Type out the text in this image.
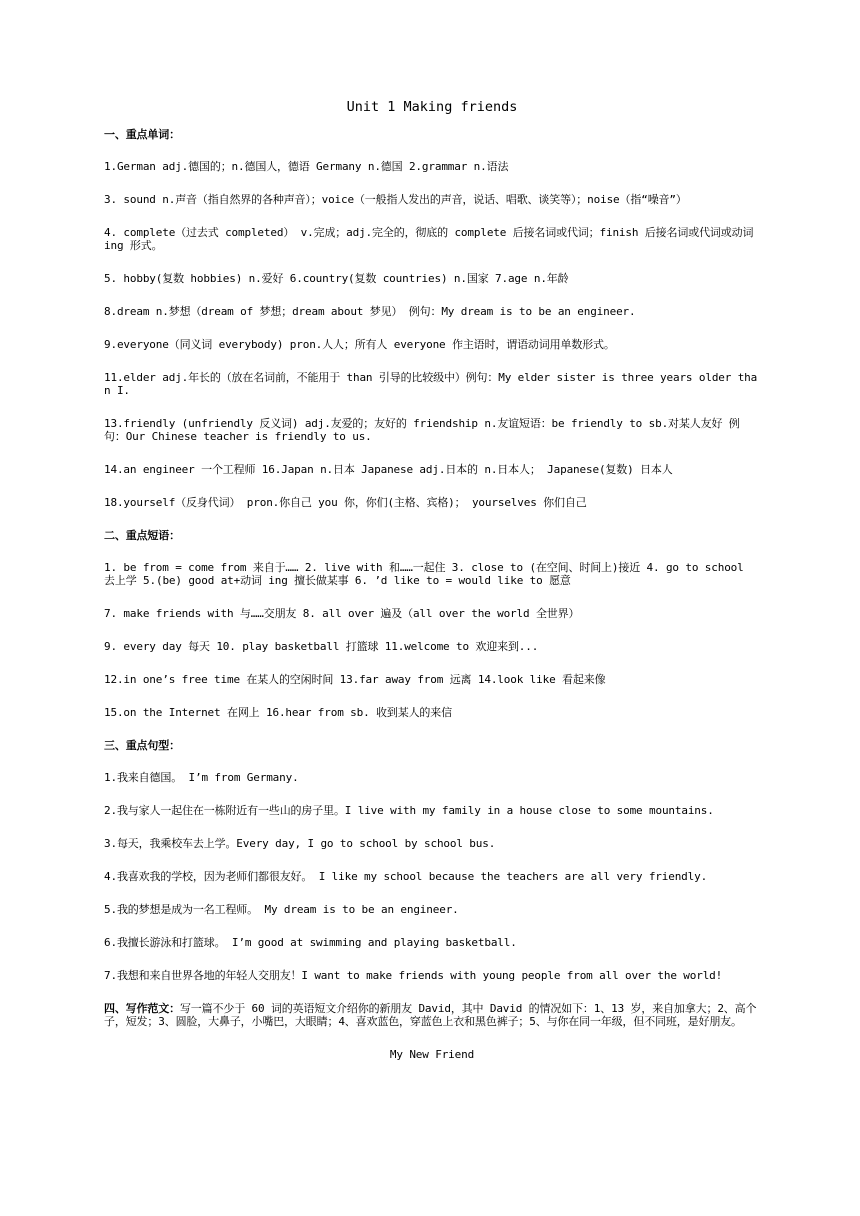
Unit 1 Making friends
一、重点单词：
1.German adj.德国的；n.德国人，德语 Germany n.德国 2.grammar n.语法
3. sound n.声音（指自然界的各种声音）；voice（一般指人发出的声音，说话、唱歌、谈笑等）；noise（指“噪音”）
4. complete（过去式 completed） v.完成；adj.完全的，彻底的 complete 后接名词或代词；finish 后接名词或代词或动词 ing 形式。
5. hobby(复数 hobbies) n.爱好 6.country(复数 countries) n.国家 7.age n.年龄
8.dream n.梦想（dream of 梦想；dream about 梦见） 例句：My dream is to be an engineer.
9.everyone（同义词 everybody) pron.人人；所有人 everyone 作主语时，谓语动词用单数形式。
11.elder adj.年长的（放在名词前，不能用于 than 引导的比较级中）例句：My elder sister is three years older than I.
13.friendly (unfriendly 反义词) adj.友爱的；友好的 friendship n.友谊短语：be friendly to sb.对某人友好 例句：Our Chinese teacher is friendly to us.
14.an engineer 一个工程师 16.Japan n.日本 Japanese adj.日本的 n.日本人； Japanese(复数) 日本人
18.yourself（反身代词） pron.你自己 you 你，你们(主格、宾格)； yourselves 你们自己
二、重点短语：
1. be from = come from 来自于…… 2. live with 和……一起住 3. close to (在空间、时间上)接近 4. go to school 去上学 5.(be) good at+动词 ing 擅长做某事 6. ’d like to = would like to 愿意
7. make friends with 与……交朋友 8. all over 遍及（all over the world 全世界）
9. every day 每天 10. play basketball 打篮球 11.welcome to 欢迎来到...
12.in one’s free time 在某人的空闲时间 13.far away from 远离 14.look like 看起来像
15.on the Internet 在网上 16.hear from sb. 收到某人的来信
三、重点句型：
1.我来自德国。 I’m from Germany.
2.我与家人一起住在一栋附近有一些山的房子里。I live with my family in a house close to some mountains.
3.每天，我乘校车去上学。Every day, I go to school by school bus.
4.我喜欢我的学校，因为老师们都很友好。 I like my school because the teachers are all very friendly.
5.我的梦想是成为一名工程师。 My dream is to be an engineer.
6.我擅长游泳和打篮球。 I’m good at swimming and playing basketball.
7.我想和来自世界各地的年轻人交朋友！I want to make friends with young people from all over the world!
四、写作范文：写一篇不少于 60 词的英语短文介绍你的新朋友 David，其中 David 的情况如下：1、13 岁，来自加拿大；2、高个子，短发；3、圆脸，大鼻子，小嘴巴，大眼睛；4、喜欢蓝色，穿蓝色上衣和黑色裤子；5、与你在同一年级，但不同班，是好朋友。
My New Friend
